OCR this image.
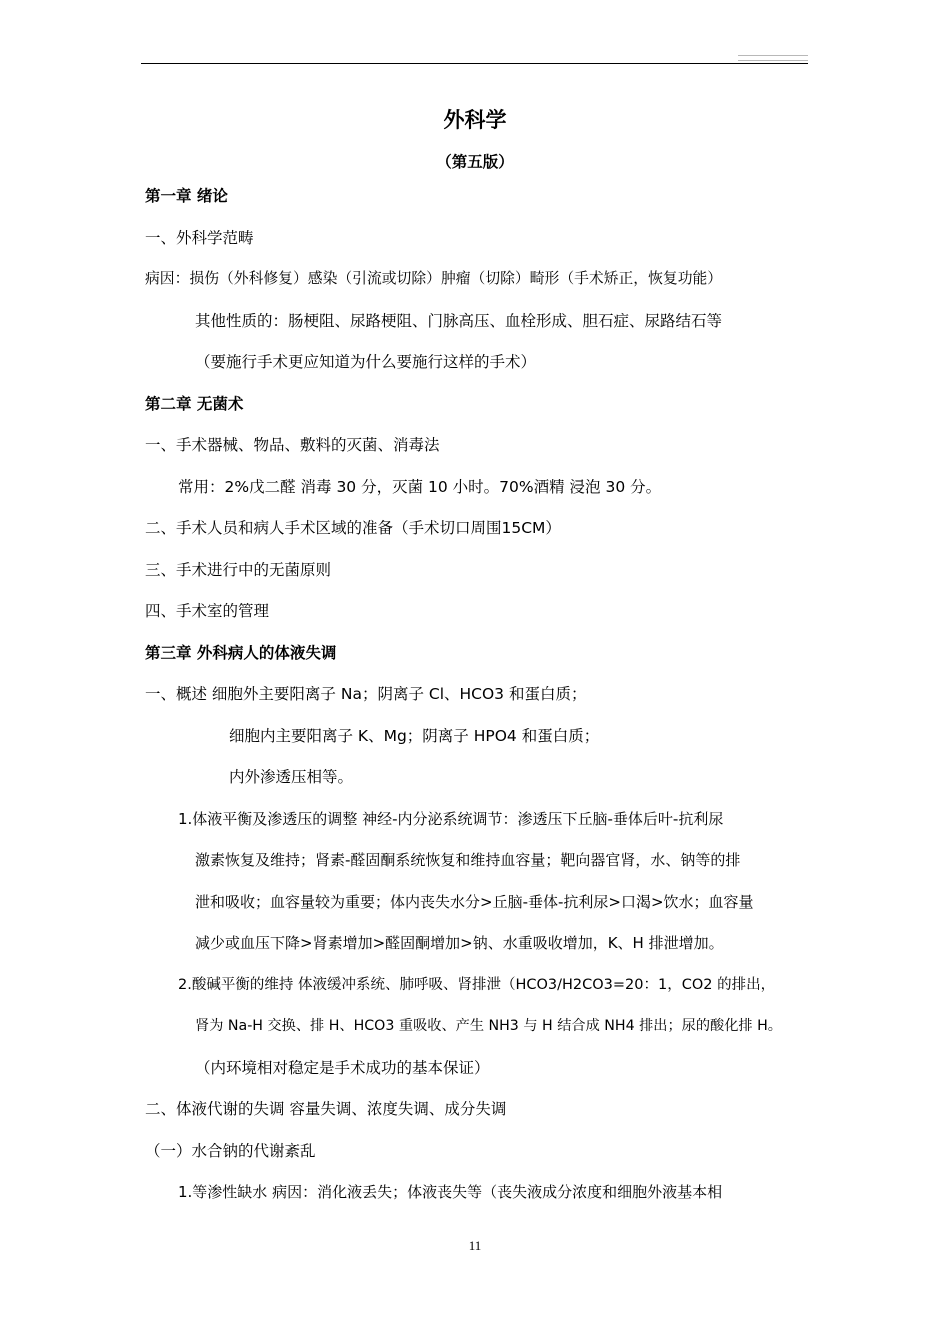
外科学
（第五版）
第一章 绪论
一、外科学范畴
病因：损伤（外科修复）感染（引流或切除）肿瘤（切除）畸形（手术矫正，恢复功能）
其他性质的：肠梗阻、尿路梗阻、门脉高压、血栓形成、胆石症、尿路结石等
（要施行手术更应知道为什么要施行这样的手术）
第二章 无菌术
一、手术器械、物品、敷料的灭菌、消毒法
常用：2%戊二醛 消毒 30 分，灭菌 10 小时。70%酒精 浸泡 30 分。
二、手术人员和病人手术区域的准备（手术切口周围15CM）
三、手术进行中的无菌原则
四、手术室的管理
第三章 外科病人的体液失调
一、概述 细胞外主要阳离子 Na；阴离子 Cl、HCO3 和蛋白质；
细胞内主要阳离子 K、Mg；阴离子 HPO4 和蛋白质；
内外渗透压相等。
1.体液平衡及渗透压的调整 神经-内分泌系统调节：渗透压下丘脑-垂体后叶-抗利尿
激素恢复及维持；肾素-醛固酮系统恢复和维持血容量；靶向器官肾，水、钠等的排
泄和吸收；血容量较为重要；体内丧失水分>丘脑-垂体-抗利尿>口渴>饮水；血容量
减少或血压下降>肾素增加>醛固酮增加>钠、水重吸收增加，K、H 排泄增加。
2.酸碱平衡的维持 体液缓冲系统、肺呼吸、肾排泄（HCO3/H2CO3=20：1，CO2 的排出，
肾为 Na-H 交换、排 H、HCO3 重吸收、产生 NH3 与 H 结合成 NH4 排出；尿的酸化排 H。
（内环境相对稳定是手术成功的基本保证）
二、体液代谢的失调 容量失调、浓度失调、成分失调
（一）水合钠的代谢紊乱
1.等渗性缺水 病因：消化液丢失；体液丧失等（丧失液成分浓度和细胞外液基本相
11
